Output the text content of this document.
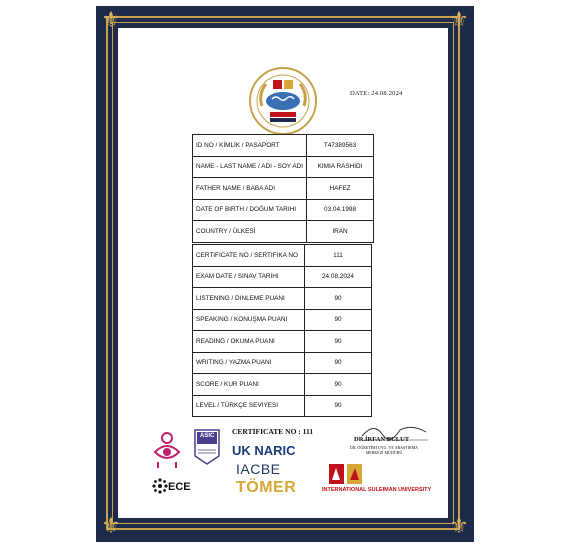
⚜	⚜
⚜	⚜
DATE: 24.08.2024
ID NO / KİMLİK / PASAPORT	T47389563
NAME - LAST NAME / ADI - SOY ADI	KIMIA RASHIDI
FATHER NAME / BABA ADI	HAFEZ
DATE OF BIRTH / DOĞUM TARIHI	03.04.1998
COUNTRY / ÜLKESİ	IRAN
CERTIFICATE NO / SERTIFIKA NO	111
EXAM DATE / SINAV TARIHI	24.08.2024
LISTENING / DINLEME PUANI	90
SPEAKING / KONUŞMA PUANI	90
READING / OKUMA PUANI	90
WRITING / YAZMA PUANI	90
SCORE / KUR PUANI	90
LEVEL / TÜRKÇE SEVIYESI	90
ASIC CERTIFICATE NO : 111
DR.İRFAN BULUT
DİL ÖĞRETİMİ UYG. VE ARAŞTIRMA
MERKEZİ MÜDÜRÜ
UK NARIC
IACBE
TÖMER
ECE	INTERNATIONAL SULEIMAN UNIVERSITY
